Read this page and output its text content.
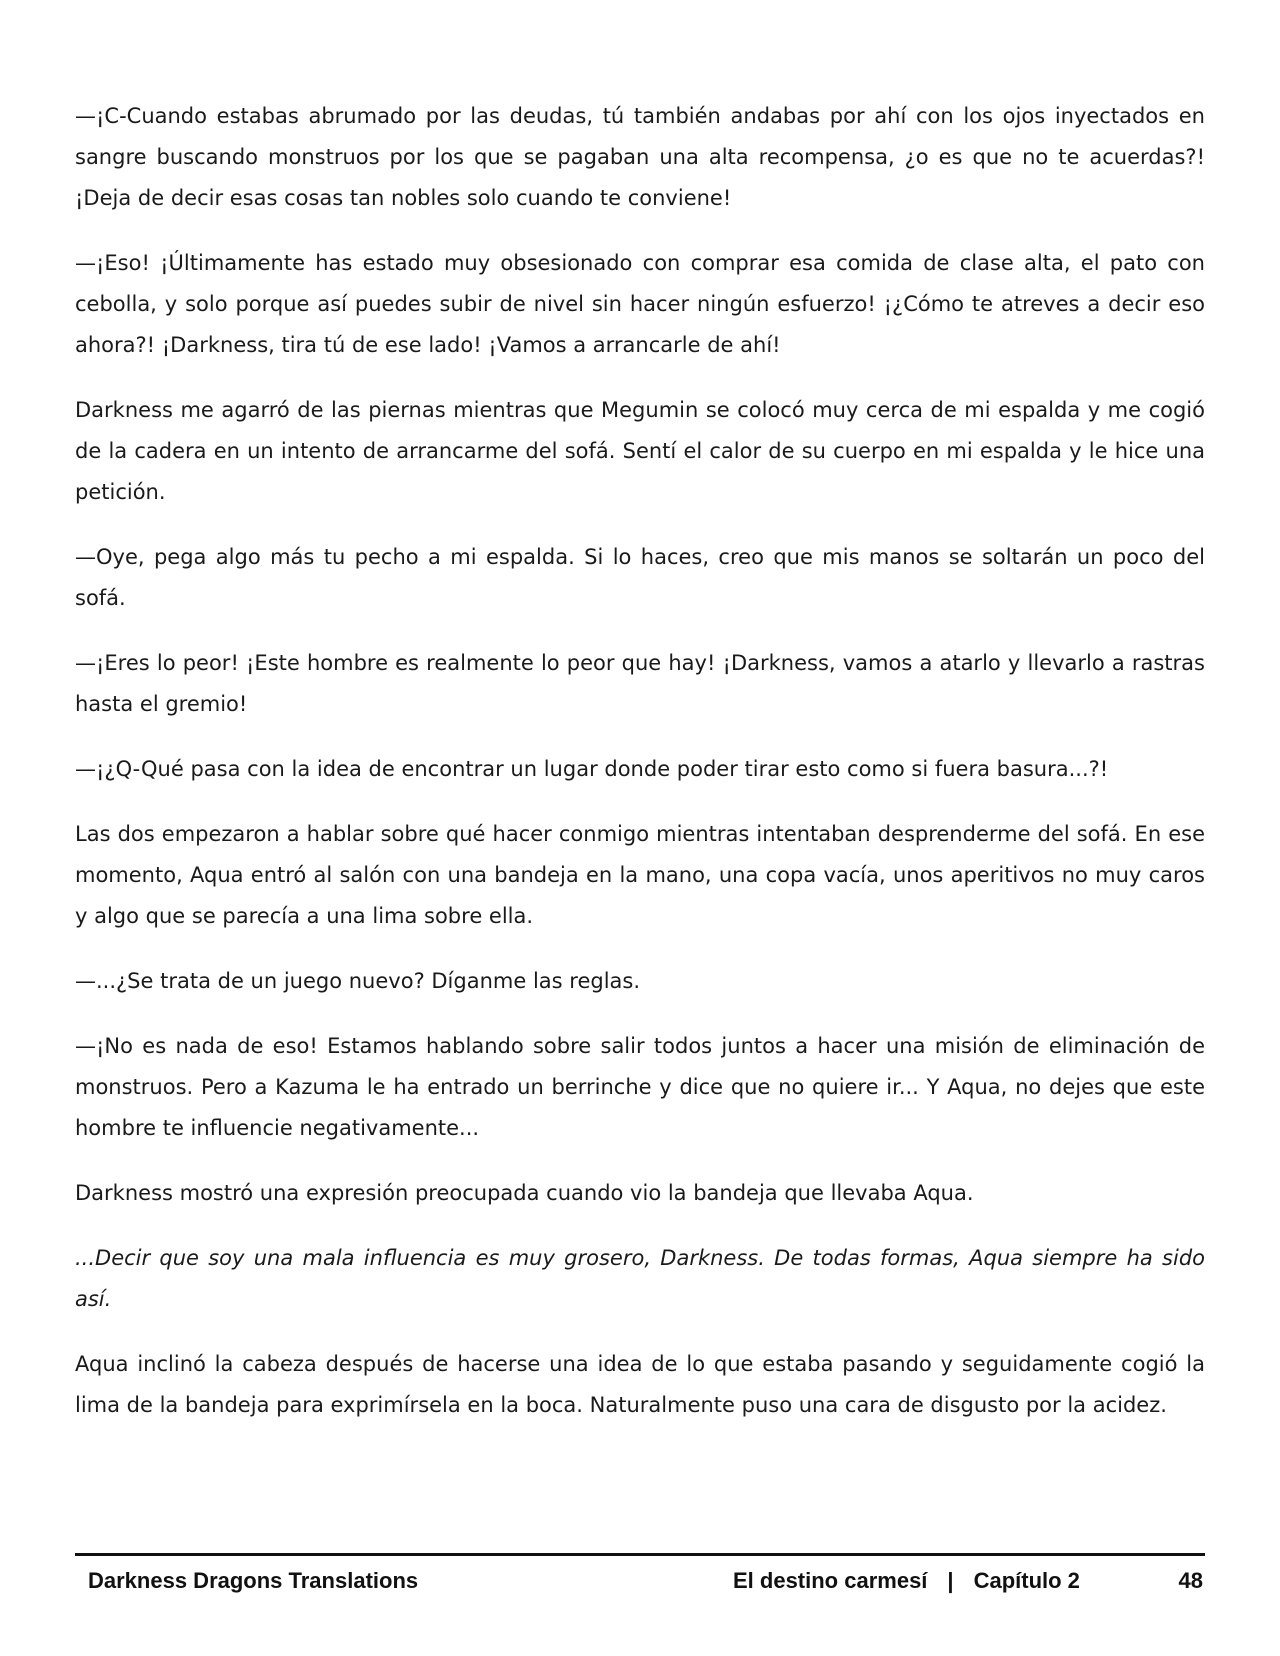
—¡C-Cuando estabas abrumado por las deudas, tú también andabas por ahí con los ojos inyectados en sangre buscando monstruos por los que se pagaban una alta recompensa, ¿o es que no te acuerdas?! ¡Deja de decir esas cosas tan nobles solo cuando te conviene!

—¡Eso! ¡Últimamente has estado muy obsesionado con comprar esa comida de clase alta, el pato con cebolla, y solo porque así puedes subir de nivel sin hacer ningún esfuerzo! ¡¿Cómo te atreves a decir eso ahora?! ¡Darkness, tira tú de ese lado! ¡Vamos a arrancarle de ahí!

Darkness me agarró de las piernas mientras que Megumin se colocó muy cerca de mi espalda y me cogió de la cadera en un intento de arrancarme del sofá. Sentí el calor de su cuerpo en mi espalda y le hice una petición.

—Oye, pega algo más tu pecho a mi espalda. Si lo haces, creo que mis manos se soltarán un poco del sofá.

—¡Eres lo peor! ¡Este hombre es realmente lo peor que hay! ¡Darkness, vamos a atarlo y llevarlo a rastras hasta el gremio!

—¡¿Q-Qué pasa con la idea de encontrar un lugar donde poder tirar esto como si fuera basura...?!

Las dos empezaron a hablar sobre qué hacer conmigo mientras intentaban desprenderme del sofá. En ese momento, Aqua entró al salón con una bandeja en la mano, una copa vacía, unos aperitivos no muy caros y algo que se parecía a una lima sobre ella.

—...¿Se trata de un juego nuevo? Díganme las reglas.

—¡No es nada de eso! Estamos hablando sobre salir todos juntos a hacer una misión de eliminación de monstruos. Pero a Kazuma le ha entrado un berrinche y dice que no quiere ir... Y Aqua, no dejes que este hombre te influencie negativamente...

Darkness mostró una expresión preocupada cuando vio la bandeja que llevaba Aqua.

...Decir que soy una mala influencia es muy grosero, Darkness. De todas formas, Aqua siempre ha sido así.

Aqua inclinó la cabeza después de hacerse una idea de lo que estaba pasando y seguidamente cogió la lima de la bandeja para exprimírsela en la boca. Naturalmente puso una cara de disgusto por la acidez.

Darkness Dragons Translations	El destino carmesí | Capítulo 2	48
